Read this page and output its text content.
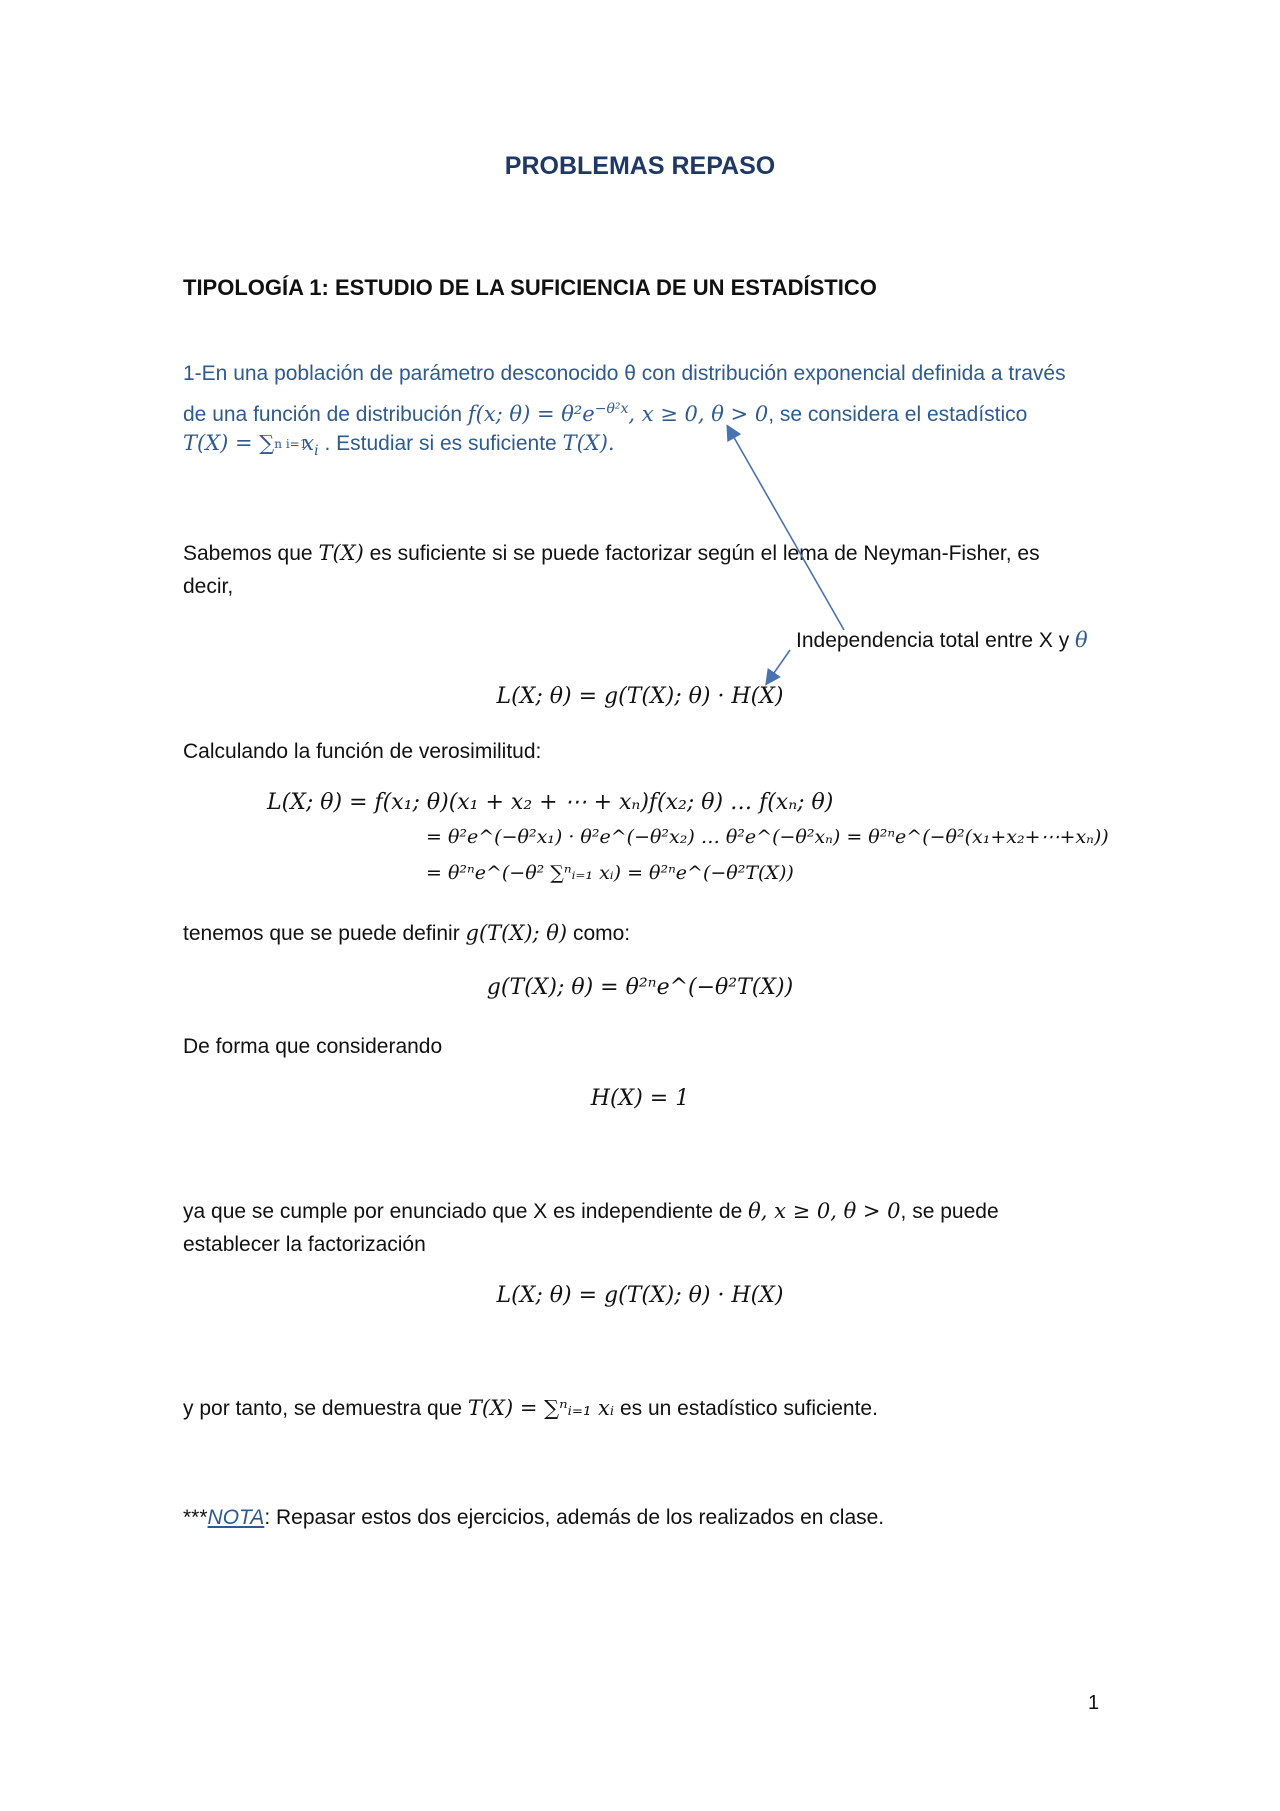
PROBLEMAS REPASO
TIPOLOGÍA 1: ESTUDIO DE LA SUFICIENCIA DE UN ESTADÍSTICO
1-En una población de parámetro desconocido θ con distribución exponencial definida a través
de una función de distribución f(x; $\theta) = \theta^2e^{-\theta^2x}$, x ≥ 0, θ > 0, se considera el estadístico
T(X) = ∑n $i=1x_i$ . Estudiar si es suficiente T(X).
Sabemos que T(X) es suficiente si se puede factorizar según el lema de Neyman-Fisher, es
decir,
Independencia total entre X y θ
L(X; θ) = g(T(X); θ) · H(X)
Calculando la función de verosimilitud:
L(X; θ) = f(x₁; θ)(x₁ + x₂ + ⋯ + xₙ)f(x₂; θ) … f(xₙ; θ)
= θ²e^(−θ²x₁) · θ²e^(−θ²x₂) … θ²e^(−θ²xₙ) = θ²ⁿe^(−θ²(x₁+x₂+⋯+xₙ))
= θ²ⁿe^(−θ² ∑ⁿᵢ₌₁ xᵢ) = θ²ⁿe^(−θ²T(X))
tenemos que se puede definir g(T(X); θ) como:
g(T(X); θ) = θ²ⁿe^(−θ²T(X))
De forma que considerando
H(X) = 1
ya que se cumple por enunciado que X es independiente de θ, x ≥ 0, θ > 0, se puede
establecer la factorización
L(X; θ) = g(T(X); θ) · H(X)
y por tanto, se demuestra que T(X) = ∑ⁿᵢ₌₁ xᵢ es un estadístico suficiente.
***NOTA: Repasar estos dos ejercicios, además de los realizados en clase.
1
